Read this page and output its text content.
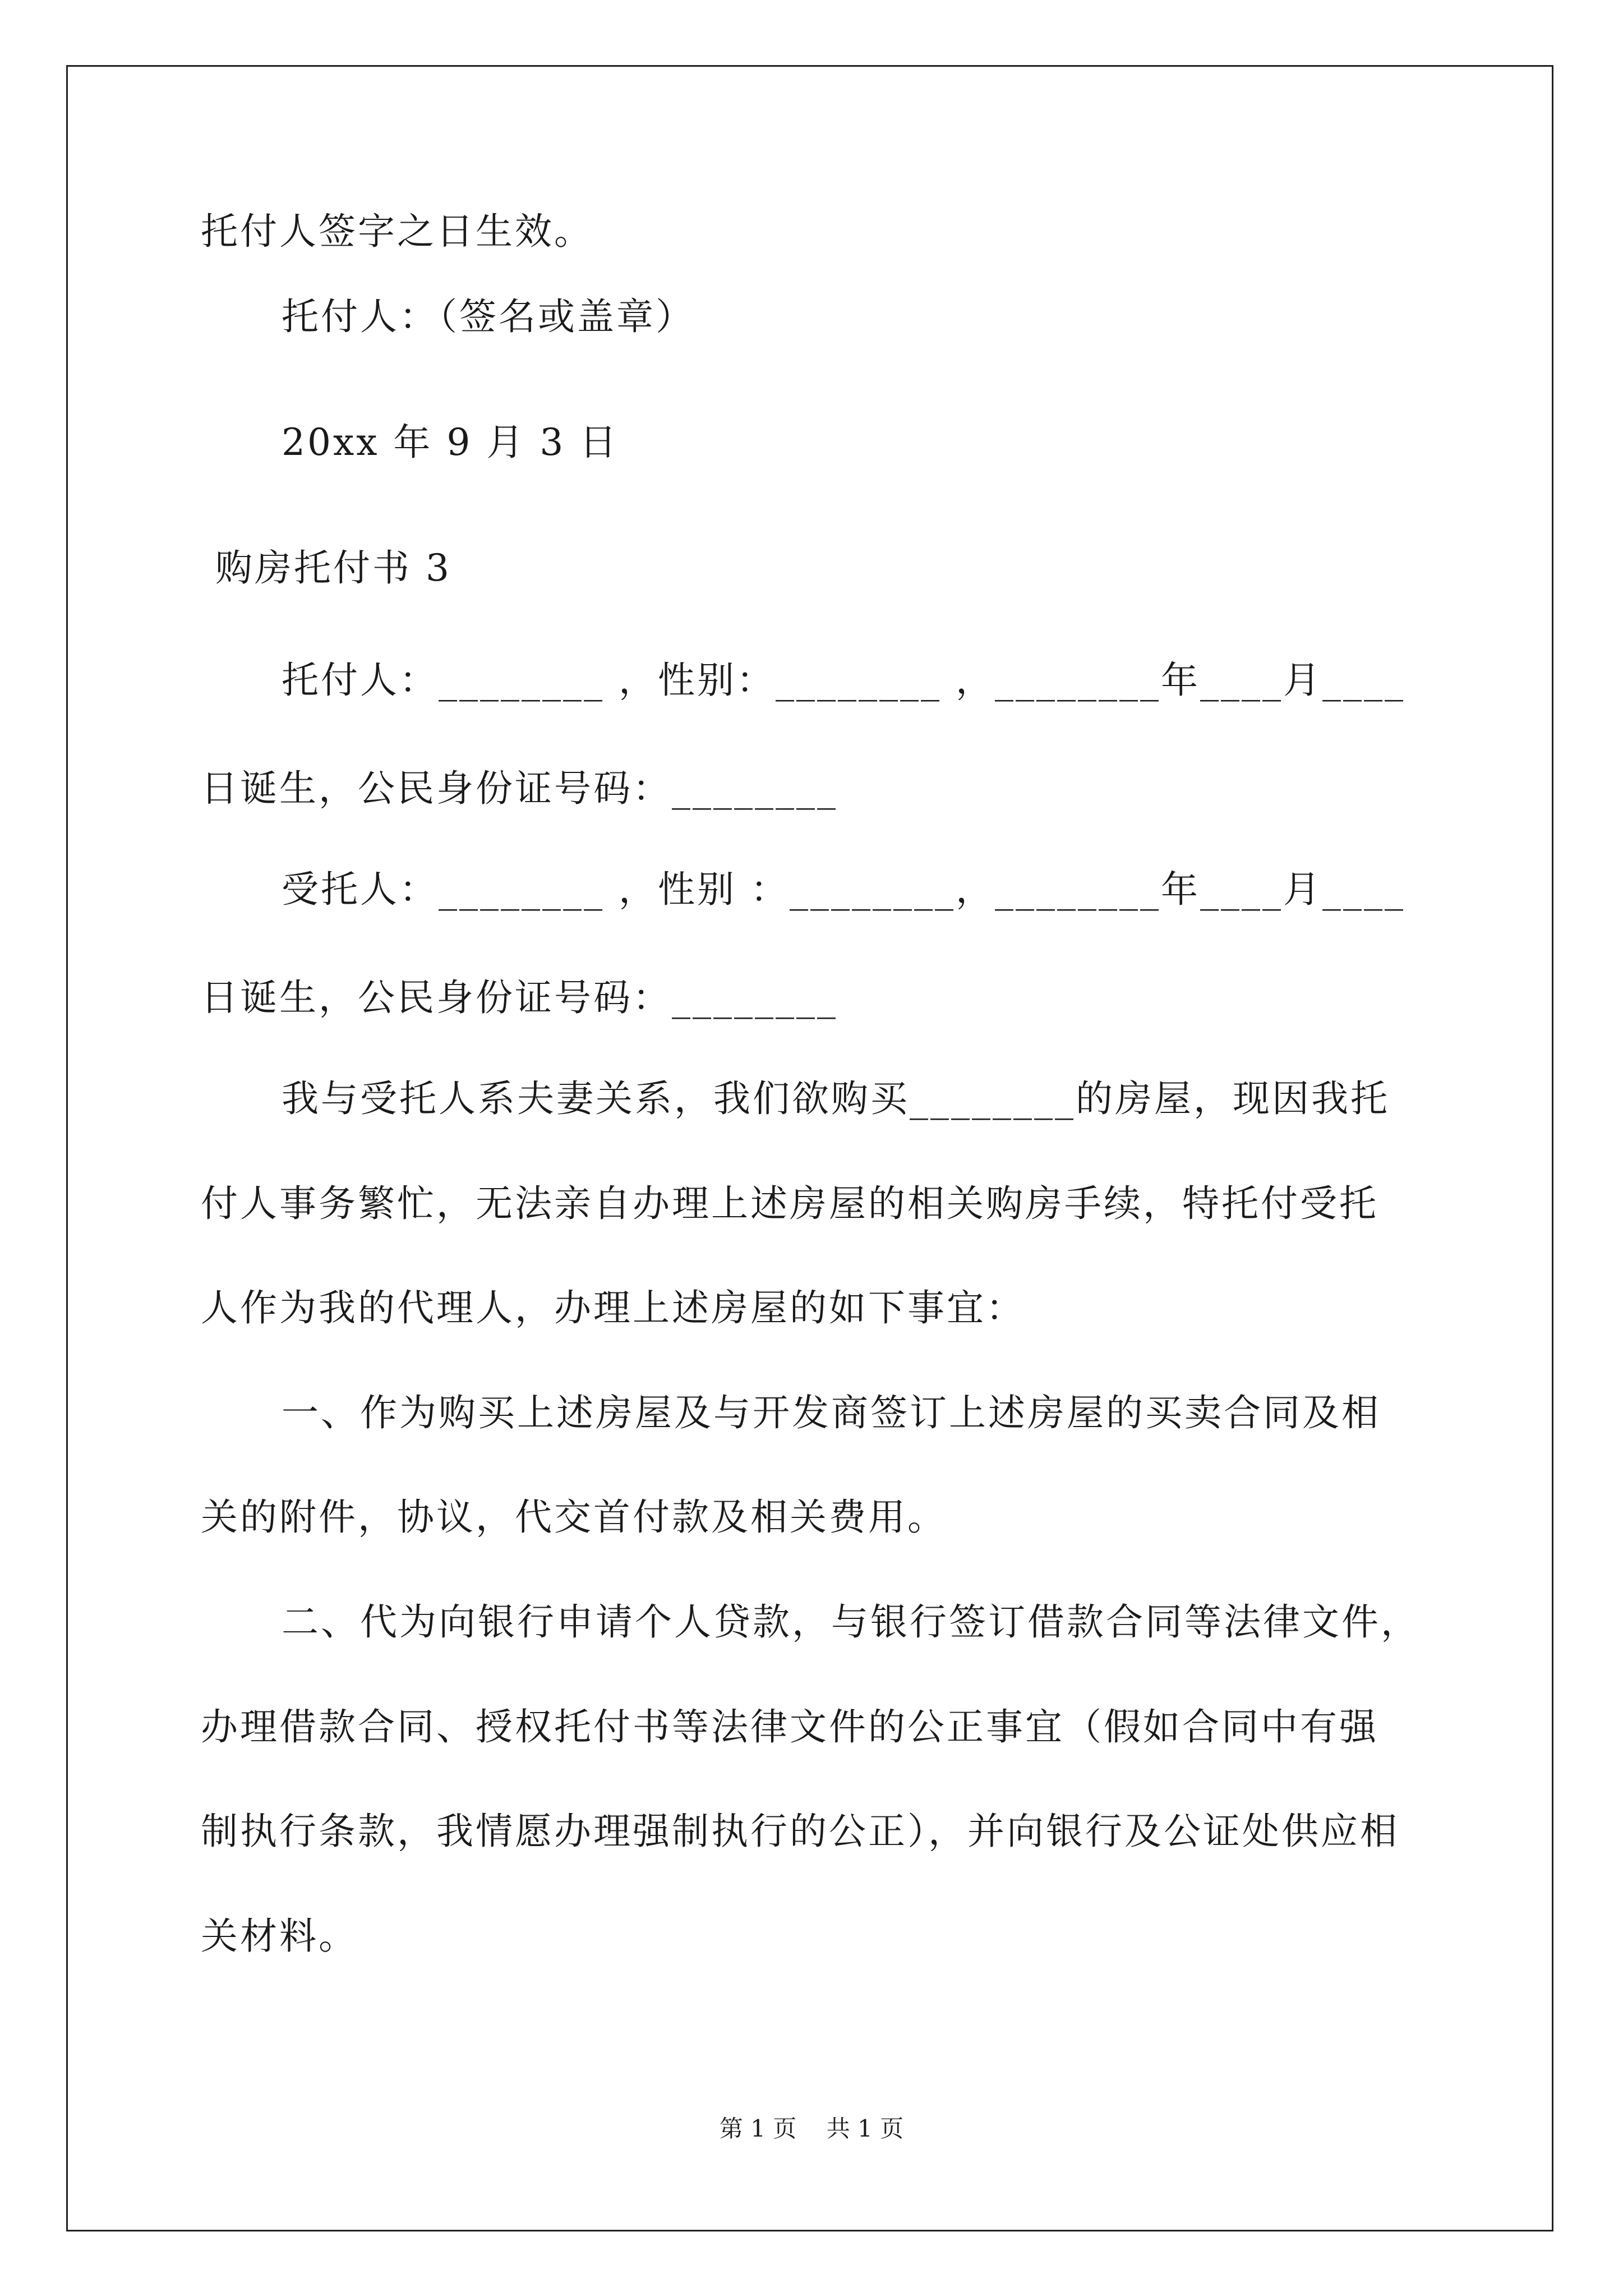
托付人签字之日生效。
托付人：（签名或盖章）
20xx 年 9 月 3 日
购房托付书 3
托付人：________ ，性别：________ ，________年____月____
日诞生，公民身份证号码：________
受托人：________ ，性别 ：________，________年____月____
日诞生，公民身份证号码：________
我与受托人系夫妻关系，我们欲购买________的房屋，现因我托
付人事务繁忙，无法亲自办理上述房屋的相关购房手续，特托付受托
人作为我的代理人，办理上述房屋的如下事宜：
一、作为购买上述房屋及与开发商签订上述房屋的买卖合同及相
关的附件，协议，代交首付款及相关费用。
二、代为向银行申请个人贷款，与银行签订借款合同等法律文件，
办理借款合同、授权托付书等法律文件的公正事宜（假如合同中有强
制执行条款，我情愿办理强制执行的公正），并向银行及公证处供应相
关材料。
第 1 页    共 1 页
